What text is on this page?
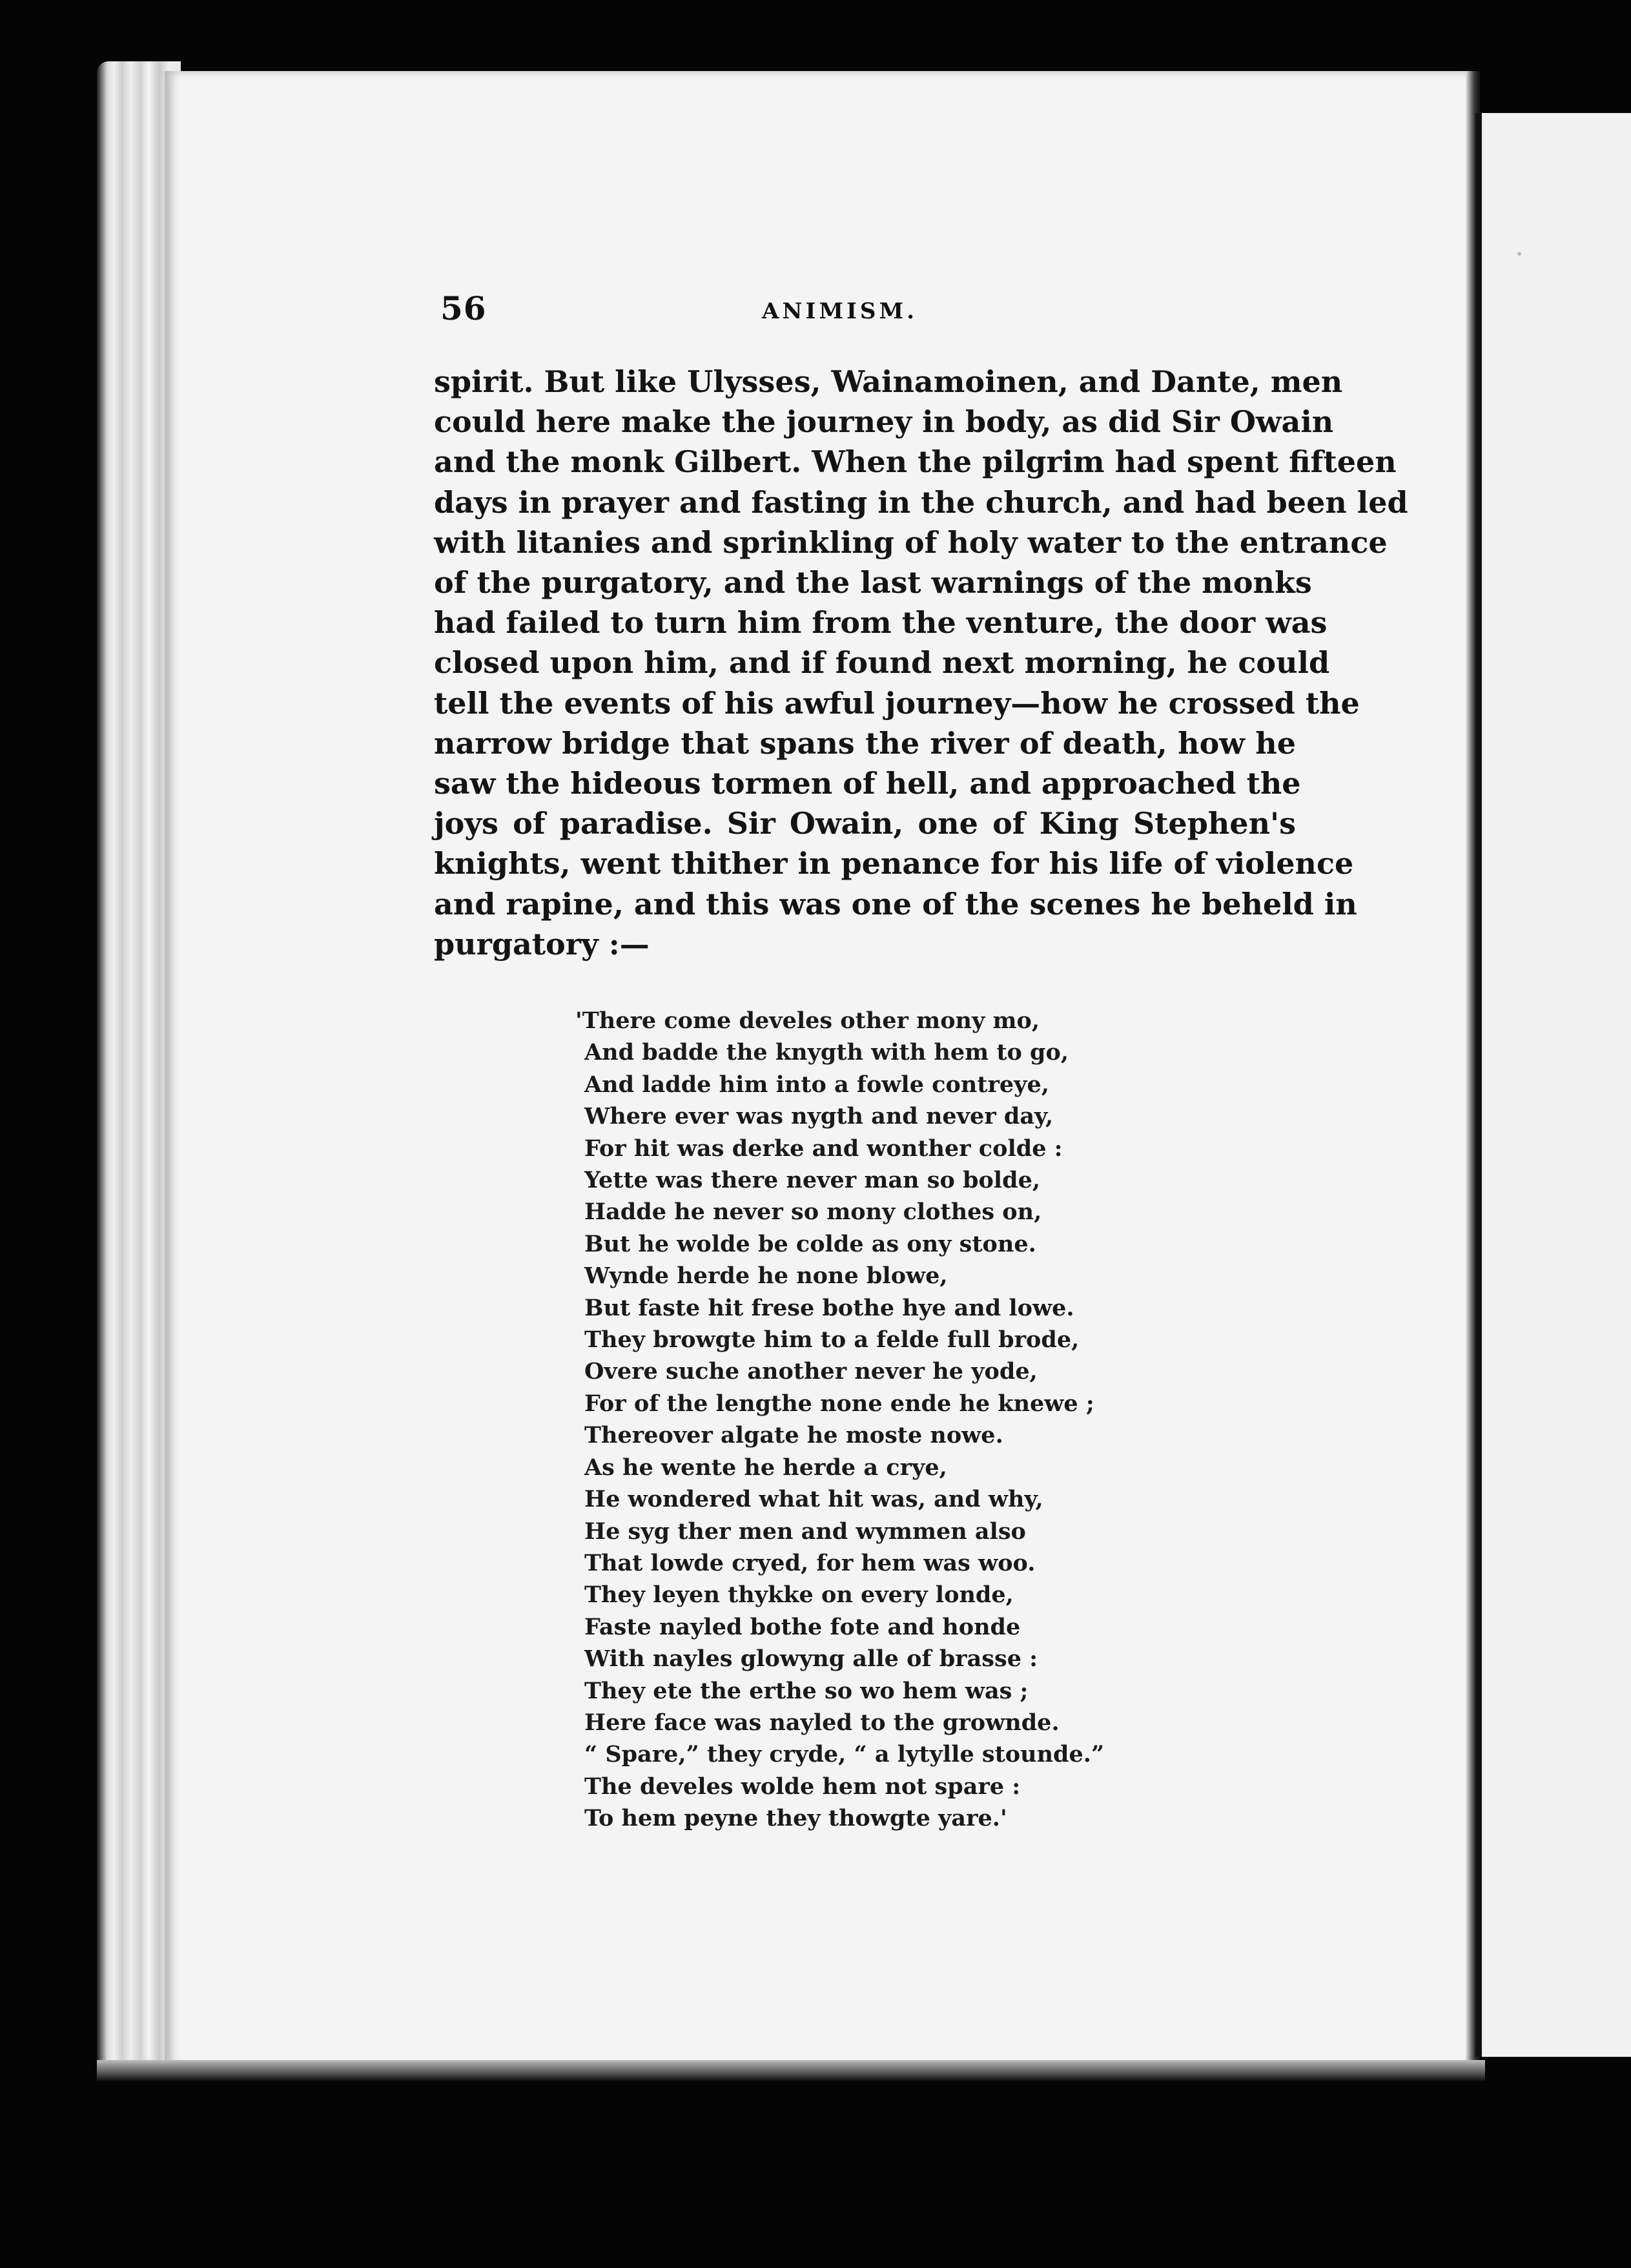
56	ANIMISM.
spirit. But like Ulysses, Wainamoinen, and Dante, men
could here make the journey in body, as did Sir Owain
and the monk Gilbert. When the pilgrim had spent fifteen
days in prayer and fasting in the church, and had been led
with litanies and sprinkling of holy water to the entrance
of the purgatory, and the last warnings of the monks
had failed to turn him from the venture, the door was
closed upon him, and if found next morning, he could
tell the events of his awful journey—how he crossed the
narrow bridge that spans the river of death, how he
saw the hideous tormen of hell, and approached the
joys of paradise. Sir Owain, one of King Stephen's
knights, went thither in penance for his life of violence
and rapine, and this was one of the scenes he beheld in
purgatory :—
'There come develes other mony mo,
And badde the knygth with hem to go,
And ladde him into a fowle contreye,
Where ever was nygth and never day,
For hit was derke and wonther colde :
Yette was there never man so bolde,
Hadde he never so mony clothes on,
But he wolde be colde as ony stone.
Wynde herde he none blowe,
But faste hit frese bothe hye and lowe.
They browgte him to a felde full brode,
Overe suche another never he yode,
For of the lengthe none ende he knewe ;
Thereover algate he moste nowe.
As he wente he herde a crye,
He wondered what hit was, and why,
He syg ther men and wymmen also
That lowde cryed, for hem was woo.
They leyen thykke on every londe,
Faste nayled bothe fote and honde
With nayles glowyng alle of brasse :
They ete the erthe so wo hem was ;
Here face was nayled to the grownde.
“ Spare,” they cryde, “ a lytylle stounde.”
The develes wolde hem not spare :
To hem peyne they thowgte yare.'
